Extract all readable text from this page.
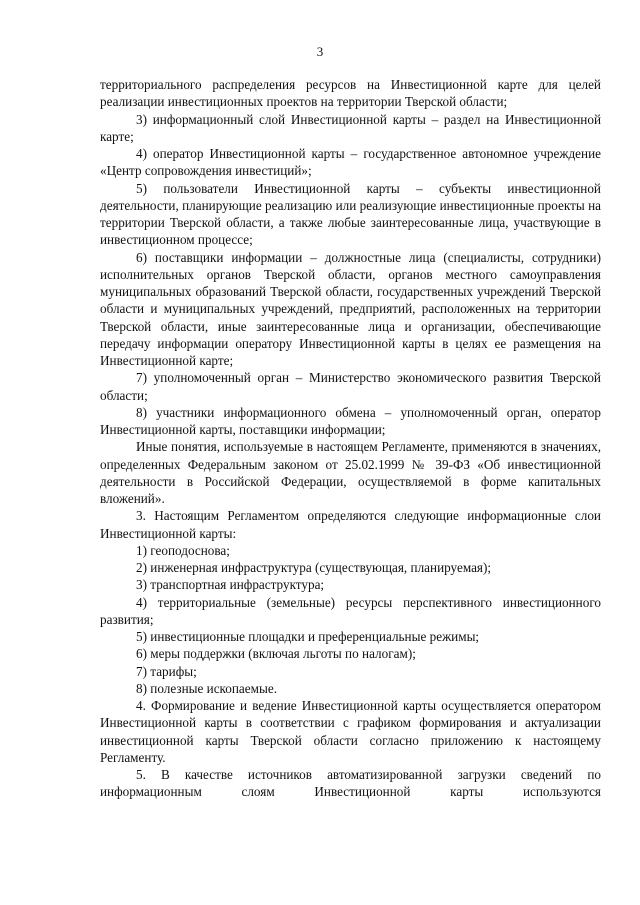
3

территориального распределения ресурсов на Инвестиционной карте для целей реализации инвестиционных проектов на территории Тверской области;

3) информационный слой Инвестиционной карты – раздел на Инвестиционной карте;

4) оператор Инвестиционной карты – государственное автономное учреждение «Центр сопровождения инвестиций»;

5) пользователи Инвестиционной карты – субъекты инвестиционной деятельности, планирующие реализацию или реализующие инвестиционные проекты на территории Тверской области, а также любые заинтересованные лица, участвующие в инвестиционном процессе;

6) поставщики информации – должностные лица (специалисты, сотрудники) исполнительных органов Тверской области, органов местного самоуправления муниципальных образований Тверской области, государственных учреждений Тверской области и муниципальных учреждений, предприятий, расположенных на территории Тверской области, иные заинтересованные лица и организации, обеспечивающие передачу информации оператору Инвестиционной карты в целях ее размещения на Инвестиционной карте;

7) уполномоченный орган – Министерство экономического развития Тверской области;

8) участники информационного обмена – уполномоченный орган, оператор Инвестиционной карты, поставщики информации;

Иные понятия, используемые в настоящем Регламенте, применяются в значениях, определенных Федеральным законом от 25.02.1999 № 39-ФЗ «Об инвестиционной деятельности в Российской Федерации, осуществляемой в форме капитальных вложений».

3. Настоящим Регламентом определяются следующие информационные слои Инвестиционной карты:

1) геоподоснова;

2) инженерная инфраструктура (существующая, планируемая);

3) транспортная инфраструктура;

4) территориальные (земельные) ресурсы перспективного инвестиционного развития;

5) инвестиционные площадки и преференциальные режимы;

6) меры поддержки (включая льготы по налогам);

7) тарифы;

8) полезные ископаемые.

4. Формирование и ведение Инвестиционной карты осуществляется оператором Инвестиционной карты в соответствии с графиком формирования и актуализации инвестиционной карты Тверской области согласно приложению к настоящему Регламенту.

5. В качестве источников автоматизированной загрузки сведений по информационным слоям Инвестиционной карты используются
